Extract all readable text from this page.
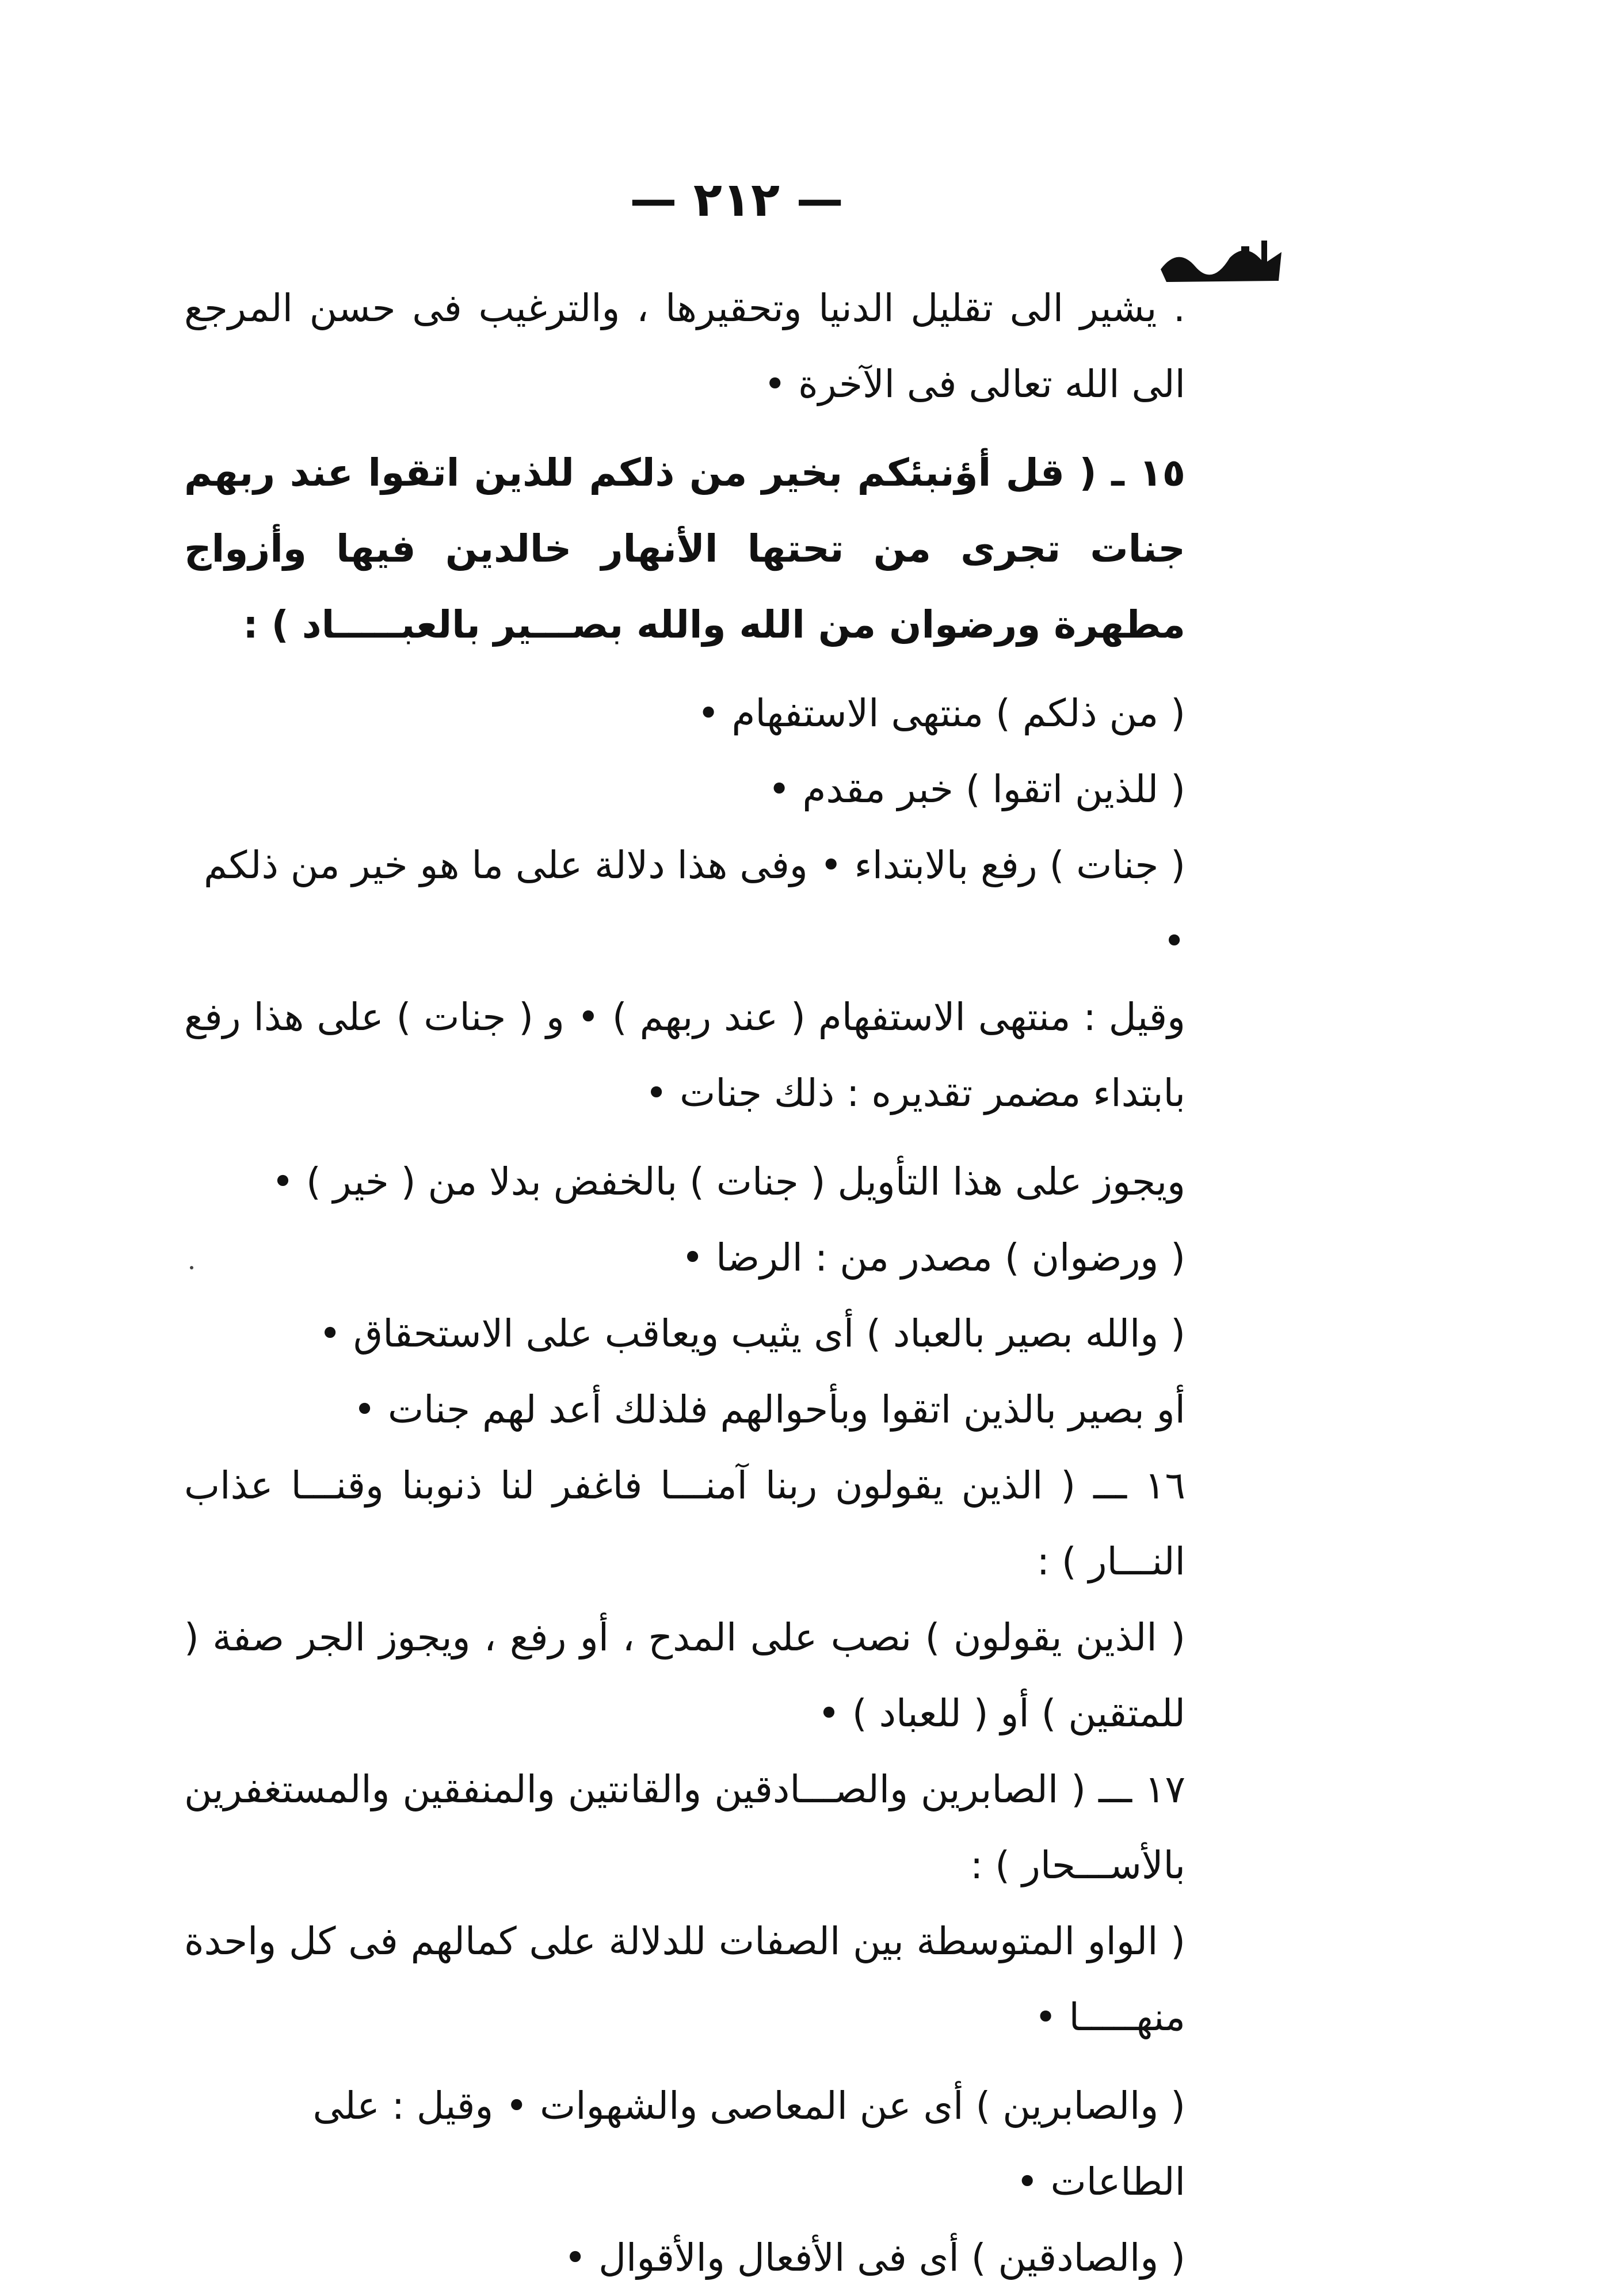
— ٢١٢ —

. يشير الى تقليل الدنيا وتحقيرها ، والترغيب فى حسن المرجع الى الله تعالى فى الآخرة •

١٥ ـ ( قل أؤنبئكم بخير من ذلكم للذين اتقوا عند ربهم جنات تجرى من تحتها الأنهار خالدين فيها وأزواج مطهرة ورضوان من الله والله بصـــير بالعبـــــاد ) :

( من ذلكم ) منتهى الاستفهام •

( للذين اتقوا ) خبر مقدم •

( جنات ) رفع بالابتداء • وفى هذا دلالة على ما هو خير من ذلكم •

وقيل : منتهى الاستفهام ( عند ربهم ) • و ( جنات ) على هذا رفع بابتداء مضمر تقديره : ذلك جنات •

ويجوز على هذا التأويل ( جنات ) بالخفض بدلا من ( خير ) •

( ورضوان ) مصدر من : الرضا •

( والله بصير بالعباد ) أى يثيب ويعاقب على الاستحقاق •

أو بصير بالذين اتقوا وبأحوالهم فلذلك أعد لهم جنات •

١٦ ـــ ( الذين يقولون ربنا آمنـــا فاغفر لنا ذنوبنا وقنـــا عذاب النـــار ) :

( الذين يقولون ) نصب على المدح ، أو رفع ، ويجوز الجر صفة ( للمتقين ) أو ( للعباد ) •

١٧ ـــ ( الصابرين والصـــادقين والقانتين والمنفقين والمستغفرين بالأســـحار ) :

( الواو المتوسطة بين الصفات للدلالة على كمالهم فى كل واحدة منهـــــا •

( والصابرين ) أى عن المعاصى والشهوات • وقيل : على الطاعات •

( والصادقين ) أى فى الأفعال والأقوال •
